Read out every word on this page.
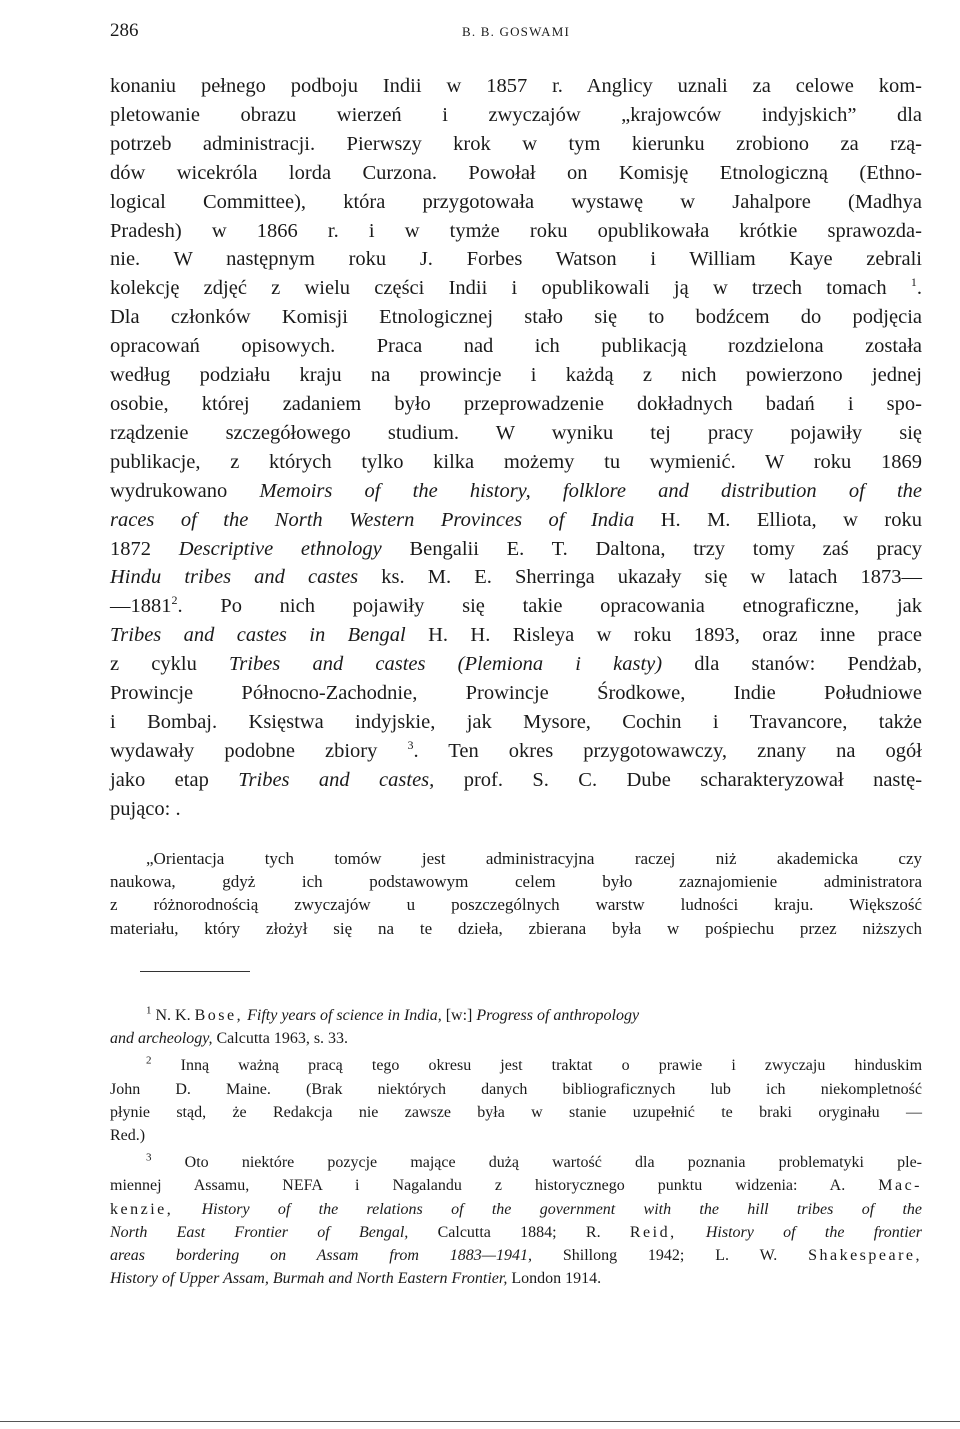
286	B. B. GOSWAMI

konaniu pełnego podboju Indii w 1857 r. Anglicy uznali za celowe kom-
pletowanie obrazu wierzeń i zwyczajów „krajowców indyjskich” dla
potrzeb administracji. Pierwszy krok w tym kierunku zrobiono za rzą-
dów wicekróla lorda Curzona. Powołał on Komisję Etnologiczną (Ethno-
logical Committee), która przygotowała wystawę w Jahalpore (Madhya
Pradesh) w 1866 r. i w tymże roku opublikowała krótkie sprawozda-
nie. W następnym roku J. Forbes Watson i William Kaye zebrali
kolekcję zdjęć z wielu części Indii i opublikowali ją w trzech tomach $^1$.
Dla członków Komisji Etnologicznej stało się to bodźcem do podjęcia
opracowań opisowych. Praca nad ich publikacją rozdzielona została
według podziału kraju na prowincje i każdą z nich powierzono jednej
osobie, której zadaniem było przeprowadzenie dokładnych badań i spo-
rządzenie szczegółowego studium. W wyniku tej pracy pojawiły się
publikacje, z których tylko kilka możemy tu wymienić. W roku 1869
wydrukowano Memoirs of the history, folklore and distribution of the
races of the North Western Provinces of India H. M. Elliota, w roku
1872 Descriptive ethnology Bengalii E. T. Daltona, trzy tomy zaś pracy
Hindu tribes and castes ks. M. E. Sherringa ukazały się w latach 1873—
—1881$^2$. Po nich pojawiły się takie opracowania etnograficzne, jak
Tribes and castes in Bengal H. H. Risleya w roku 1893, oraz inne prace
z cyklu Tribes and castes (Plemiona i kasty) dla stanów: Pendżab,
Prowincje Północno-Zachodnie, Prowincje Środkowe, Indie Południowe
i Bombaj. Księstwa indyjskie, jak Mysore, Cochin i Travancore, także
wydawały podobne zbiory	$^3$. Ten okres przygotowawczy, znany na ogół
jako etap Tribes and castes, prof. S. C. Dube scharakteryzował nastę-
pująco: .

„Orientacja tych tomów jest administracyjna raczej niż akademicka czy
naukowa, gdyż ich podstawowym celem było zaznajomienie administratora
z różnorodnością zwyczajów u poszczególnych warstw ludności kraju. Większość
materiału, który złożył się na te dzieła, zbierana była w pośpiechu przez niższych
$^1$ N. K. Bose, Fifty years of science in India, [w:] Progress of anthropology
and archeology, Calcutta 1963, s. 33.
$^2$ Inną ważną pracą tego okresu jest traktat o prawie i zwyczaju hinduskim
John D. Maine. (Brak niektórych danych bibliograficznych lub ich niekompletność
płynie stąd, że Redakcja nie zawsze była w stanie uzupełnić te braki oryginału —
Red.)
$^3$ Oto niektóre pozycje mające dużą wartość dla poznania problematyki ple-
miennej Assamu, NEFA i Nagalandu z historycznego punktu widzenia: A. Mac-
kenzie, History of the relations of the government with the hill tribes of the
North East Frontier of Bengal, Calcutta 1884; R. Reid, History of the frontier
areas bordering on Assam from 1883—1941, Shillong 1942; L. W. Shakespeare,
History of Upper Assam, Burmah and North Eastern Frontier, London 1914.
